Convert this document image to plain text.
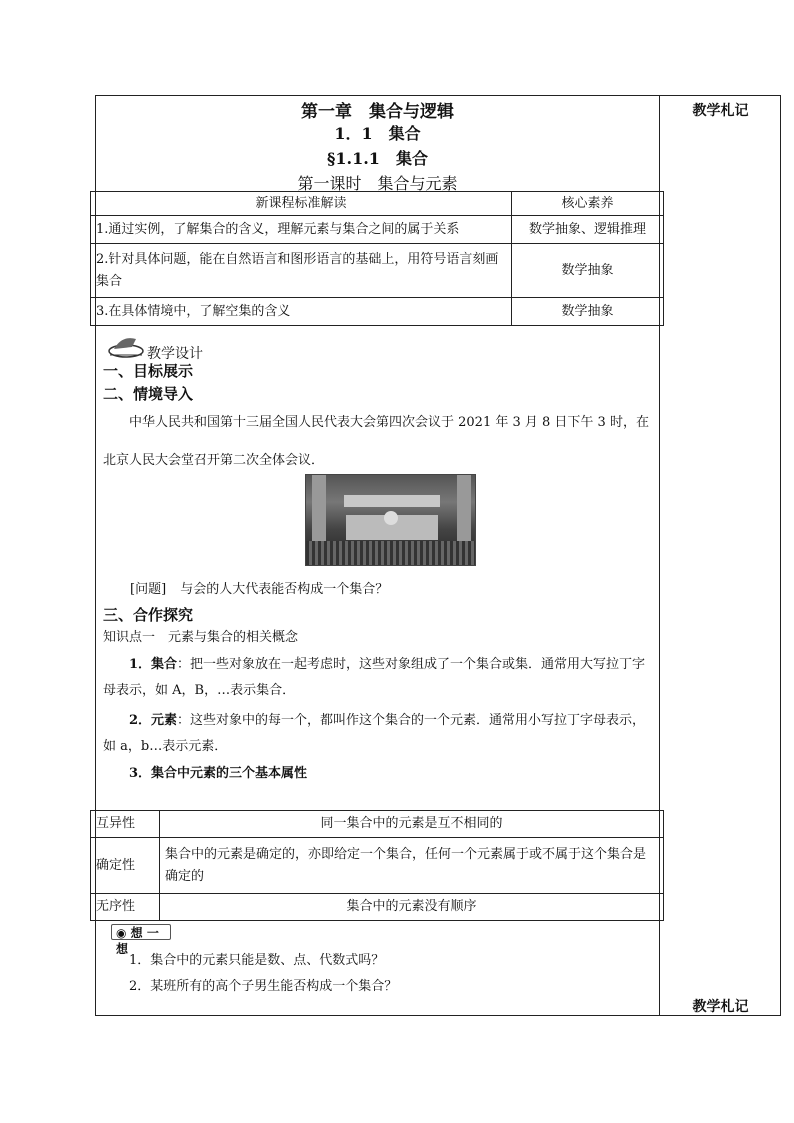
教学札记
教学札记
第一章　集合与逻辑
1．1　集合
§1.1.1　集合
第一课时　集合与元素
新课程标准解读	核心素养
1.通过实例，了解集合的含义，理解元素与集合之间的属于关系	数学抽象、逻辑推理
2.针对具体问题，能在自然语言和图形语言的基础上，用符号语言刻画集合	数学抽象
3.在具体情境中，了解空集的含义	数学抽象
教学设计
一、目标展示
二、情境导入
中华人民共和国第十三届全国人民代表大会第四次会议于 2021 年 3 月 8 日下午 3 时，在北京人民大会堂召开第二次全体会议．
[问题] 与会的人大代表能否构成一个集合？
三、合作探究
知识点一　元素与集合的相关概念
1．集合：把一些对象放在一起考虑时，这些对象组成了一个集合或集．通常用大写拉丁字母表示，如 A，B，…表示集合．
2．元素：这些对象中的每一个，都叫作这个集合的一个元素．通常用小写拉丁字母表示，如 a，b…表示元素．
3．集合中元素的三个基本属性
互异性	同一集合中的元素是互不相同的
确定性	集合中的元素是确定的，亦即给定一个集合，任何一个元素属于或不属于这个集合是确定的
无序性	集合中的元素没有顺序
◉ 想 一 想
1．集合中的元素只能是数、点、代数式吗？
2．某班所有的高个子男生能否构成一个集合？
